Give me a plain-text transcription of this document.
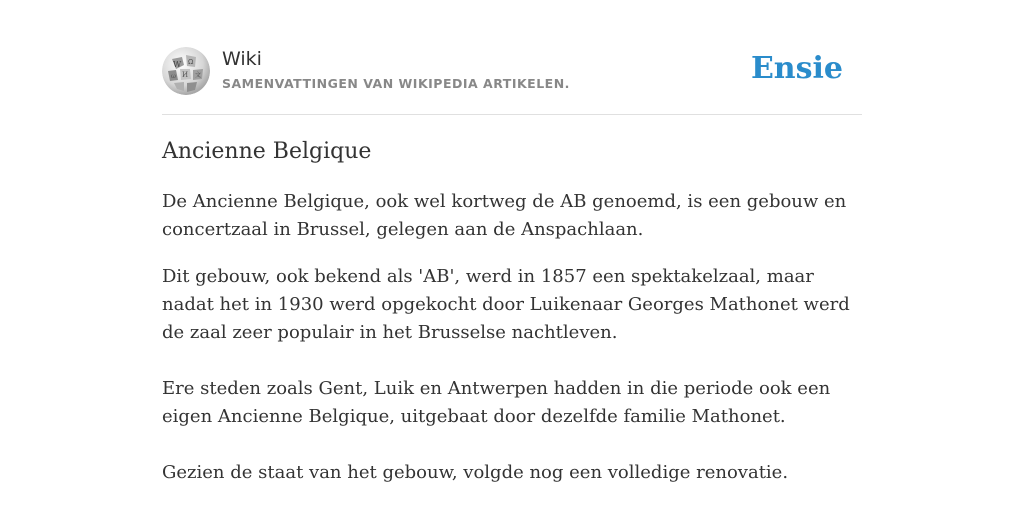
W Ω
И 文
ω
Wiki
SAMENVATTINGEN VAN WIKIPEDIA ARTIKELEN.	Ensie
Ancienne Belgique

De Ancienne Belgique, ook wel kortweg de AB genoemd, is een gebouw en concertzaal in Brussel, gelegen aan de Anspachlaan.

Dit gebouw, ook bekend als 'AB', werd in 1857 een spektakelzaal, maar nadat het in 1930 werd opgekocht door Luikenaar Georges Mathonet werd de zaal zeer populair in het Brusselse nachtleven.

Ere steden zoals Gent, Luik en Antwerpen hadden in die periode ook een eigen Ancienne Belgique, uitgebaat door dezelfde familie Mathonet.

Gezien de staat van het gebouw, volgde nog een volledige renovatie.
